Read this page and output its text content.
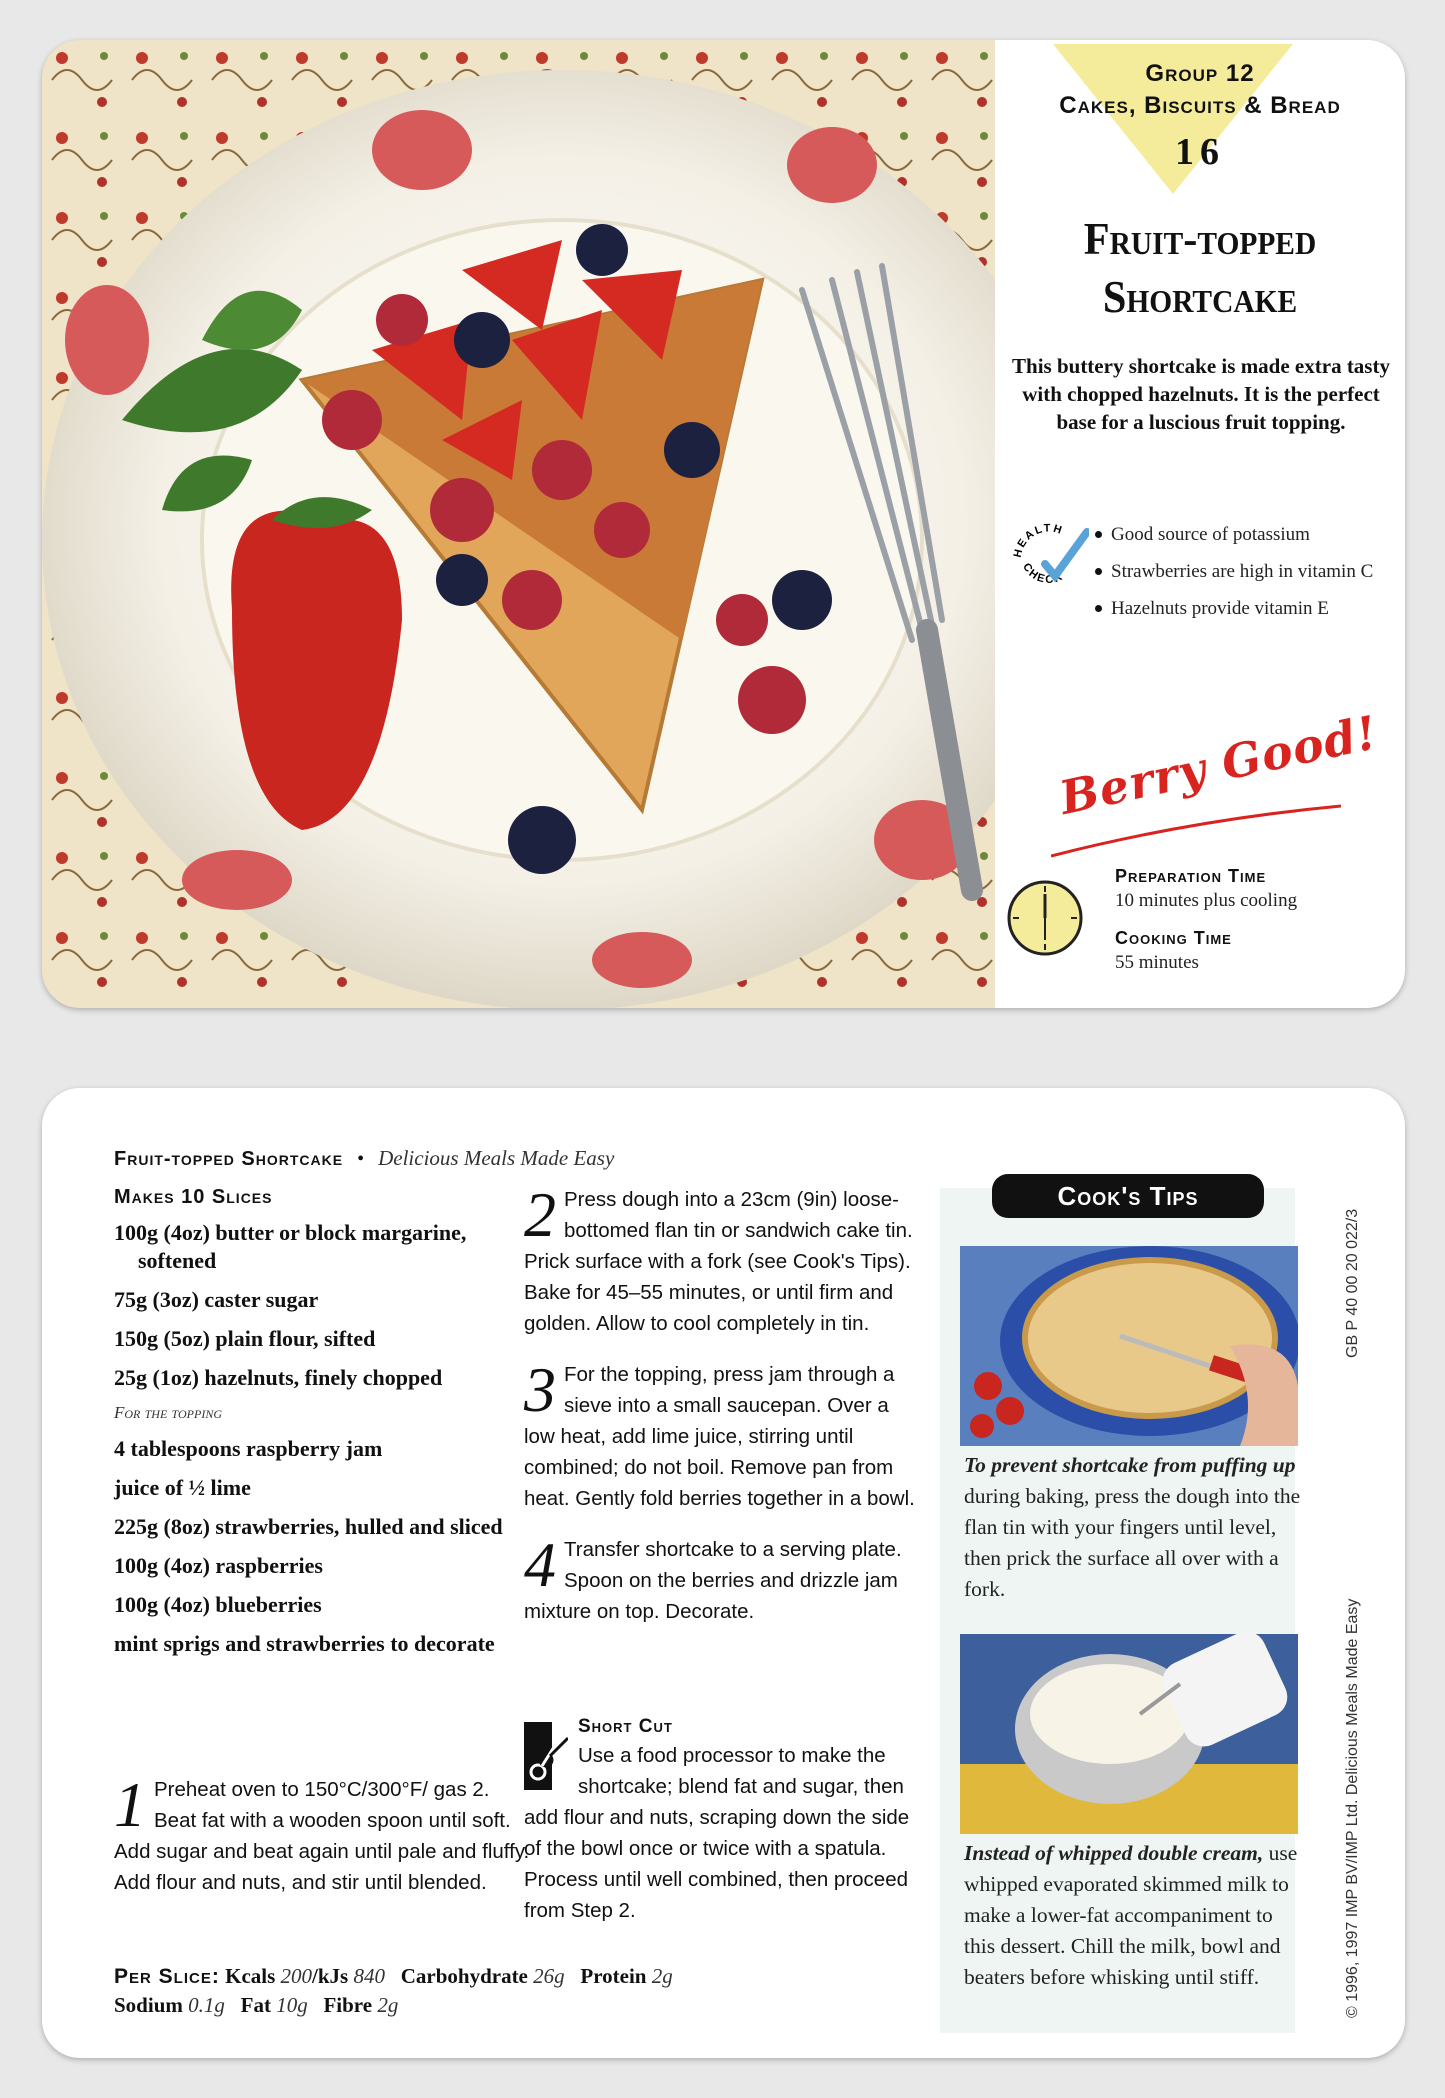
Group 12
Cakes, Biscuits & Bread
16
Fruit-topped
Shortcake
This buttery shortcake is made extra tasty with chopped hazelnuts. It is the perfect base for a luscious fruit topping.
HEALTH
CHECK
Good source of potassium
Strawberries are high in vitamin C
Hazelnuts provide vitamin E
Berry Good!
Preparation Time
10 minutes plus cooling
Cooking Time
55 minutes
Fruit-topped Shortcake • Delicious Meals Made Easy
Makes 10 Slices
100g (4oz) butter or block margarine, softened
75g (3oz) caster sugar
150g (5oz) plain flour, sifted
25g (1oz) hazelnuts, finely chopped
For the topping
4 tablespoons raspberry jam
juice of ½ lime
225g (8oz) strawberries, hulled and sliced
100g (4oz) raspberries
100g (4oz) blueberries
mint sprigs and strawberries to decorate
1 Preheat oven to 150°C/300°F/ gas 2. Beat fat with a wooden spoon until soft. Add sugar and beat again until pale and fluffy. Add flour and nuts, and stir until blended.
2 Press dough into a 23cm (9in) loose-bottomed flan tin or sandwich cake tin. Prick surface with a fork (see Cook's Tips). Bake for 45–55 minutes, or until firm and golden. Allow to cool completely in tin.
3 For the topping, press jam through a sieve into a small saucepan. Over a low heat, add lime juice, stirring until combined; do not boil. Remove pan from heat. Gently fold berries together in a bowl.
4 Transfer shortcake to a serving plate. Spoon on the berries and drizzle jam mixture on top. Decorate.
Short Cut
Use a food processor to make the shortcake; blend fat and sugar, then add flour and nuts, scraping down the side of the bowl once or twice with a spatula. Process until well combined, then proceed from Step 2.
Per Slice: Kcals 200/kJs 840 Carbohydrate 26g Protein 2g
Sodium 0.1g Fat 10g Fibre 2g
Cook's Tips
To prevent shortcake from puffing up during baking, press the dough into the flan tin with your fingers until level, then prick the surface all over with a fork.
Instead of whipped double cream, use whipped evaporated skimmed milk to make a lower-fat accompaniment to this dessert. Chill the milk, bowl and beaters before whisking until stiff.
GB P 40 00 20 022/3
© 1996, 1997 IMP BV/IMP Ltd. Delicious Meals Made Easy
